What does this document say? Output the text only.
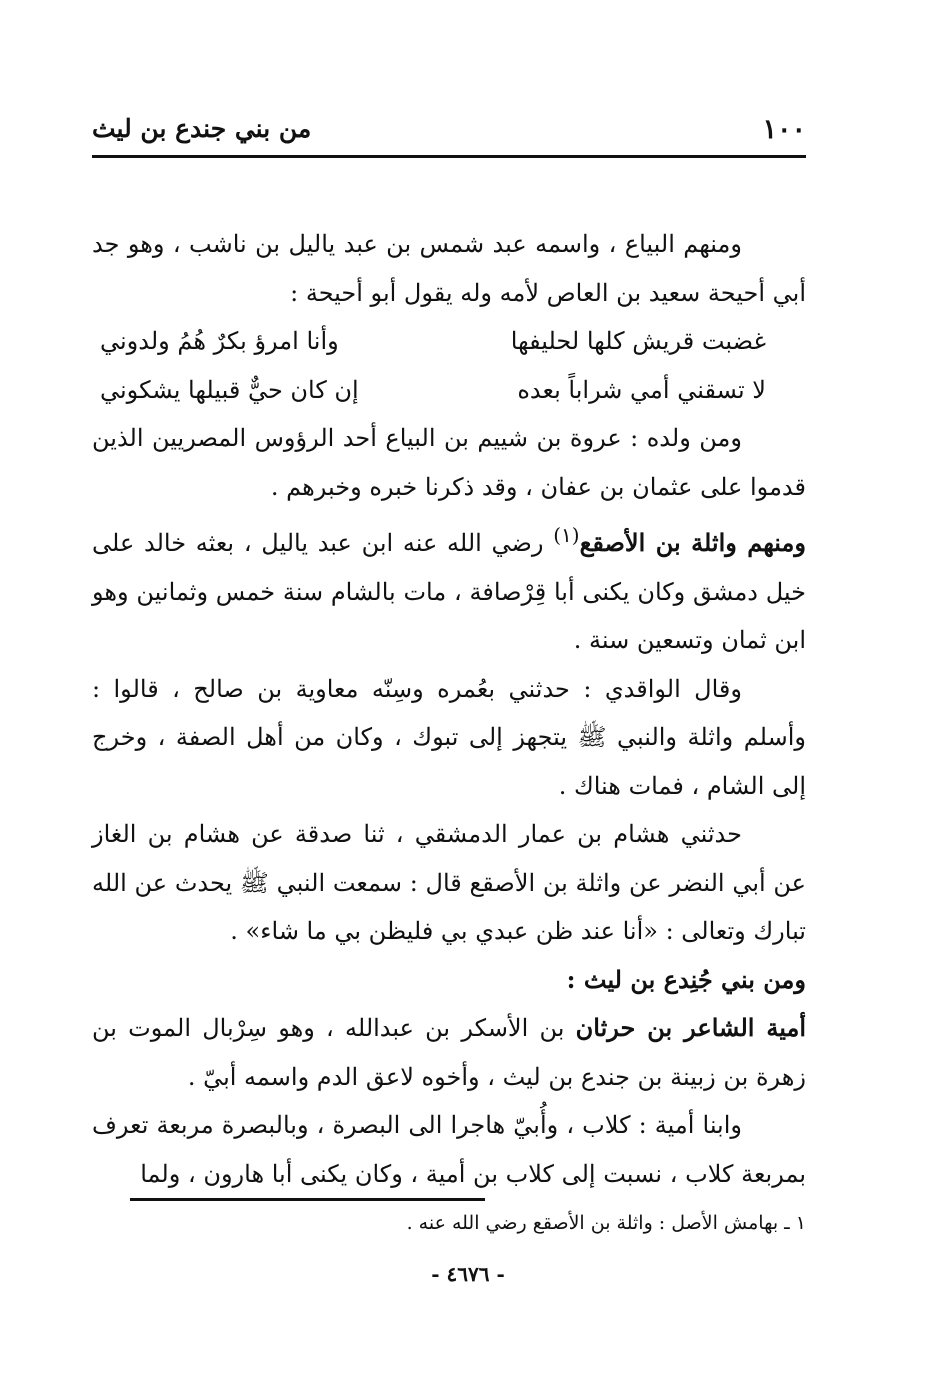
١٠٠
من بني جندع بن ليث

ومنهم البياع ، واسمه عبد شمس بن عبد ياليل بن ناشب ، وهو جد أبي أحيحة سعيد بن العاص لأمه وله يقول أبو أحيحة :

غضبت قريش كلها لحليفها
وأنا امرؤ بكرٌ هُمُ ولدوني
لا تسقني أمي شراباً بعده
إن كان حيٌّ قبيلها يشكوني

ومن ولده : عروة بن شييم بن البياع أحد الرؤوس المصريين الذين قدموا على عثمان بن عفان ، وقد ذكرنا خبره وخبرهم .

ومنهم واثلة بن الأصقع$^{(١)}$ رضي الله عنه ابن عبد ياليل ، بعثه خالد على خيل دمشق وكان يكنى أبا قِرْصافة ، مات بالشام سنة خمس وثمانين وهو ابن ثمان وتسعين سنة .

وقال الواقدي : حدثني بعُمره وسِنّه معاوية بن صالح ، قالوا : وأسلم واثلة والنبي ﷺ يتجهز إلى تبوك ، وكان من أهل الصفة ، وخرج إلى الشام ، فمات هناك .

حدثني هشام بن عمار الدمشقي ، ثنا صدقة عن هشام بن الغاز عن أبي النضر عن واثلة بن الأصقع قال : سمعت النبي ﷺ يحدث عن الله تبارك وتعالى : «أنا عند ظن عبدي بي فليظن بي ما شاء» .

ومن بني جُنِدع بن ليث :

أمية الشاعر بن حرثان بن الأسكر بن عبدالله ، وهو سِرْبال الموت بن زهرة بن زبينة بن جندع بن ليث ، وأخوه لاعق الدم واسمه أبيّ .

وابنا أمية : كلاب ، وأُبيّ هاجرا الى البصرة ، وبالبصرة مربعة تعرف بمربعة كلاب ، نسبت إلى كلاب بن أمية ، وكان يكنى أبا هارون ، ولما

١ ـ بهامش الأصل : واثلة بن الأصقع رضي الله عنه .
- ٤٦٧٦ -
